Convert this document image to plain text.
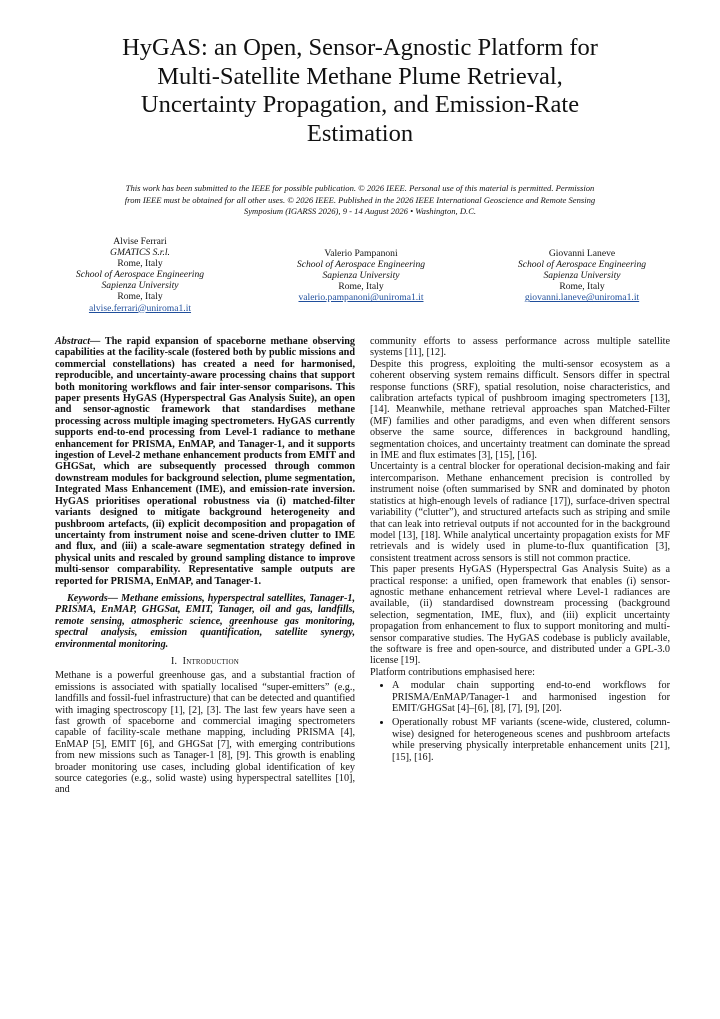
HyGAS: an Open, Sensor-Agnostic Platform for
Multi-Satellite Methane Plume Retrieval,
Uncertainty Propagation, and Emission-Rate
Estimation
This work has been submitted to the IEEE for possible publication. © 2026 IEEE. Personal use of this material is permitted. Permission
from IEEE must be obtained for all other uses. © 2026 IEEE. Published in the 2026 IEEE International Geoscience and Remote Sensing
Symposium (IGARSS 2026), 9 - 14 August 2026 • Washington, D.C.
Alvise Ferrari
GMATICS S.r.l.
Rome, Italy
School of Aerospace Engineering
Sapienza University
Rome, Italy
alvise.ferrari@uniroma1.it
Valerio Pampanoni
School of Aerospace Engineering
Sapienza University
Rome, Italy
valerio.pampanoni@uniroma1.it
Giovanni Laneve
School of Aerospace Engineering
Sapienza University
Rome, Italy
giovanni.laneve@uniroma1.it

Abstract— The rapid expansion of spaceborne methane observing capabilities at the facility-scale (fostered both by public missions and commercial constellations) has created a need for harmonised, reproducible, and uncertainty-aware processing chains that support both monitoring workflows and fair inter-sensor comparisons. This paper presents HyGAS (Hyperspectral Gas Analysis Suite), an open and sensor-agnostic framework that standardises methane processing across multiple imaging spectrometers. HyGAS currently supports end-to-end processing from Level-1 radiance to methane enhancement for PRISMA, EnMAP, and Tanager-1, and it supports ingestion of Level-2 methane enhancement products from EMIT and GHGSat, which are subsequently processed through common downstream modules for background selection, plume segmentation, Integrated Mass Enhancement (IME), and emission-rate inversion. HyGAS prioritises operational robustness via (i) matched-filter variants designed to mitigate background heterogeneity and pushbroom artefacts, (ii) explicit decomposition and propagation of uncertainty from instrument noise and scene-driven clutter to IME and flux, and (iii) a scale-aware segmentation strategy defined in physical units and rescaled by ground sampling distance to improve multi-sensor comparability. Representative sample outputs are reported for PRISMA, EnMAP, and Tanager-1.

Keywords— Methane emissions, hyperspectral satellites, Tanager-1, PRISMA, EnMAP, GHGSat, EMIT, Tanager, oil and gas, landfills, remote sensing, atmospheric science, greenhouse gas monitoring, spectral analysis, emission quantification, satellite synergy, environmental monitoring.

I. Introduction

Methane is a powerful greenhouse gas, and a substantial fraction of emissions is associated with spatially localised “super-emitters” (e.g., landfills and fossil-fuel infrastructure) that can be detected and quantified with imaging spectroscopy [1], [2], [3]. The last few years have seen a fast growth of spaceborne and commercial imaging spectrometers capable of facility-scale methane mapping, including PRISMA [4], EnMAP [5], EMIT [6], and GHGSat [7], with emerging contributions from new missions such as Tanager-1 [8], [9]. This growth is enabling broader monitoring use cases, including global identification of key source categories (e.g., solid waste) using hyperspectral satellites [10], and

community efforts to assess performance across multiple satellite systems [11], [12].

Despite this progress, exploiting the multi-sensor ecosystem as a coherent observing system remains difficult. Sensors differ in spectral response functions (SRF), spatial resolution, noise characteristics, and calibration artefacts typical of pushbroom imaging spectrometers [13], [14]. Meanwhile, methane retrieval approaches span Matched-Filter (MF) families and other paradigms, and even when different sensors observe the same source, differences in background handling, segmentation choices, and uncertainty treatment can dominate the spread in IME and flux estimates [3], [15], [16].

Uncertainty is a central blocker for operational decision-making and fair intercomparison. Methane enhancement precision is controlled by instrument noise (often summarised by SNR and dominated by photon statistics at high-enough levels of radiance [17]), surface-driven spectral variability (“clutter”), and structured artefacts such as striping and smile that can leak into retrieval outputs if not accounted for in the background model [13], [18]. While analytical uncertainty propagation exists for MF retrievals and is widely used in plume-to-flux quantification [3], consistent treatment across sensors is still not common practice.

This paper presents HyGAS (Hyperspectral Gas Analysis Suite) as a practical response: a unified, open framework that enables (i) sensor-agnostic methane enhancement retrieval where Level-1 radiances are available, (ii) standardised downstream processing (background selection, segmentation, IME, flux), and (iii) explicit uncertainty propagation from enhancement to flux to support monitoring and multi-sensor comparative studies. The HyGAS codebase is publicly available, the software is free and open-source, and distributed under a GPL-3.0 license [19].

Platform contributions emphasised here:

• A modular chain supporting end-to-end workflows for PRISMA/EnMAP/Tanager-1 and harmonised ingestion for EMIT/GHGSat [4]–[6], [8], [7], [9], [20].
• Operationally robust MF variants (scene-wide, clustered, column-wise) designed for heterogeneous scenes and pushbroom artefacts while preserving physically interpretable enhancement units [21], [15], [16].
